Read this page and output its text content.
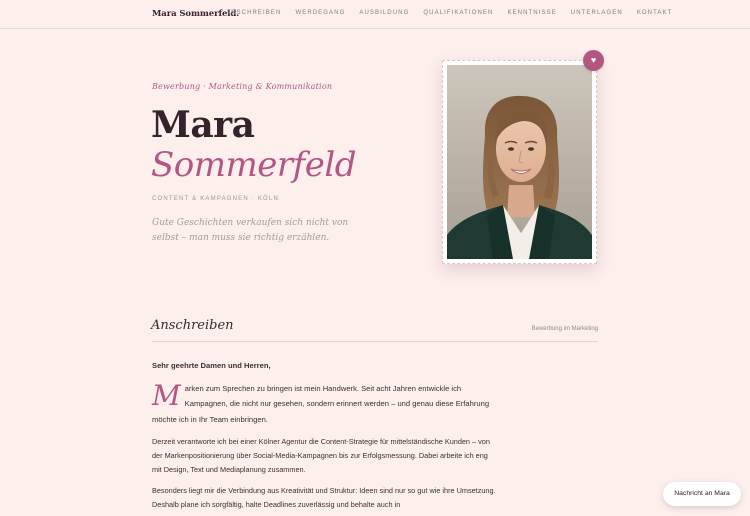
Mara Sommerfeld.
ANSCHREIBEN WERDEGANG AUSBILDUNG QUALIFIKATIONEN KENNTNISSE UNTERLAGEN KONTAKT
Bewerbung · Marketing & Kommunikation
Mara
Sommerfeld
CONTENT & KAMPAGNEN · KÖLN
Gute Geschichten verkaufen sich nicht von selbst – man muss sie richtig erzählen.
♥
Anschreiben	Bewerbung im Marketing

Sehr geehrte Damen und Herren,

Marken zum Sprechen zu bringen ist mein Handwerk. Seit acht Jahren entwickle ich Kampagnen, die nicht nur gesehen, sondern erinnert werden – und genau diese Erfahrung möchte ich in Ihr Team einbringen.

Derzeit verantworte ich bei einer Kölner Agentur die Content-Strategie für mittelständische Kunden – von der Markenpositionierung über Social-Media-Kampagnen bis zur Erfolgsmessung. Dabei arbeite ich eng mit Design, Text und Mediaplanung zusammen.

Besonders liegt mir die Verbindung aus Kreativität und Struktur: Ideen sind nur so gut wie ihre Umsetzung. Deshalb plane ich sorgfältig, halte Deadlines zuverlässig und behalte auch in

Nachricht an Mara
